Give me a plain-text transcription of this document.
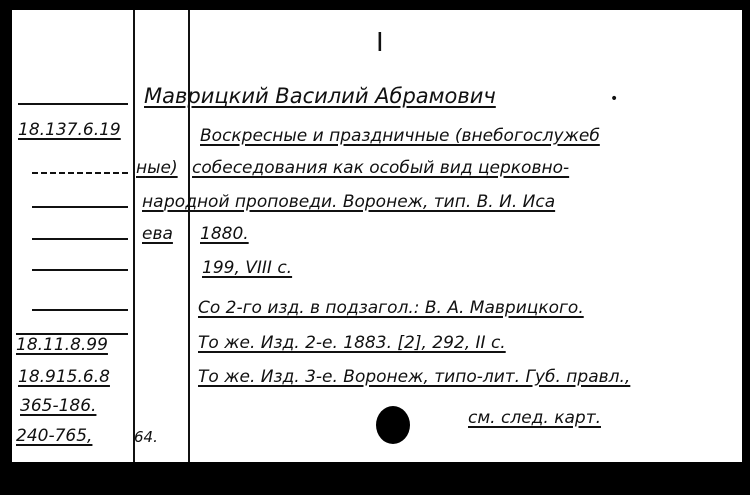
I
Маврицкий Василий Абрамович	•
18.137.6.19
18.11.8.99
18.915.6.8
365-186.
240-765,	64.
Воскресные и праздничные (внебогослужеб
ные) собеседования как особый вид церковно-
на родной проповеди. Воронеж, тип. В. И. Иса
ева 1880.
199, VIII с.
Со 2-го изд. в подзагол.: В. А. Маврицкого.
То же. Изд. 2-е. 1883. [2], 292, II с.
То же. Изд. 3-е. Воронеж, типо-лит. Губ. правл.,
см. след. карт.
